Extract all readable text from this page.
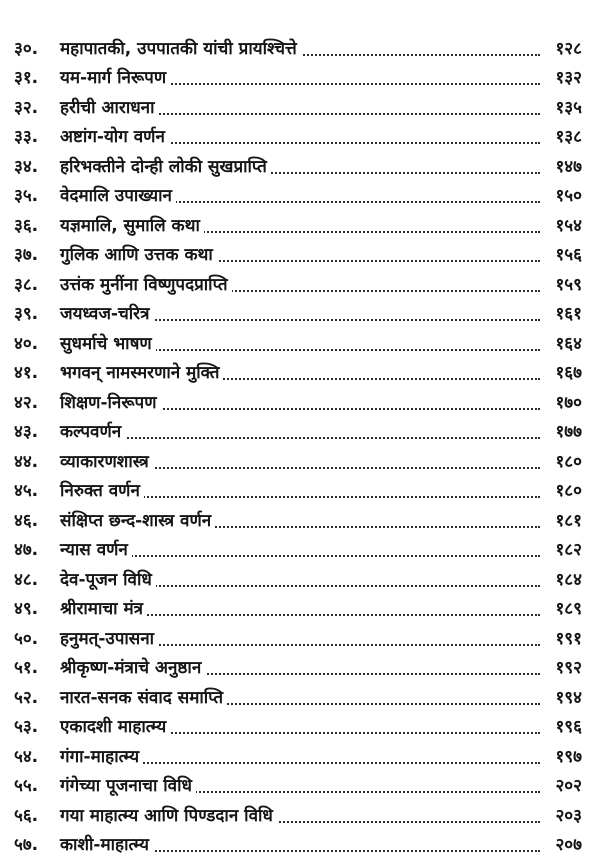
३०.	महापातकी, उपपातकी यांची प्रायश्चित्ते	१२८
३१.	यम-मार्ग निरूपण	१३२
३२.	हरीची आराधना	१३५
३३.	अष्टांग-योग वर्णन	१३८
३४.	हरिभक्तीने दोन्ही लोकी सुखप्राप्ति	१४७
३५.	वेदमालि उपाख्यान	१५०
३६.	यज्ञमालि, सुमालि कथा	१५४
३७.	गुलिक आणि उत्तक कथा	१५६
३८.	उत्तंक मुनींना विष्णुपदप्राप्ति	१५९
३९.	जयध्वज-चरित्र	१६१
४०.	सुधर्माचे भाषण	१६४
४१.	भगवन् नामस्मरणाने मुक्ति	१६७
४२.	शिक्षण-निरूपण	१७०
४३.	कल्पवर्णन	१७७
४४.	व्याकारणशास्त्र	१८०
४५.	निरुक्त वर्णन	१८०
४६.	संक्षिप्त छन्द-शास्त्र वर्णन	१८१
४७.	न्यास वर्णन	१८२
४८.	देव-पूजन विधि	१८४
४९.	श्रीरामाचा मंत्र	१८९
५०.	हनुमत्-उपासना	१९१
५१.	श्रीकृष्ण-मंत्राचे अनुष्ठान	१९२
५२.	नारत-सनक संवाद समाप्ति	१९४
५३.	एकादशी माहात्म्य	१९६
५४.	गंगा-माहात्म्य	१९७
५५.	गंगेच्या पूजनाचा विधि	२०२
५६.	गया माहात्म्य आणि पिण्डदान विधि	२०३
५७.	काशी-माहात्म्य	२०७
